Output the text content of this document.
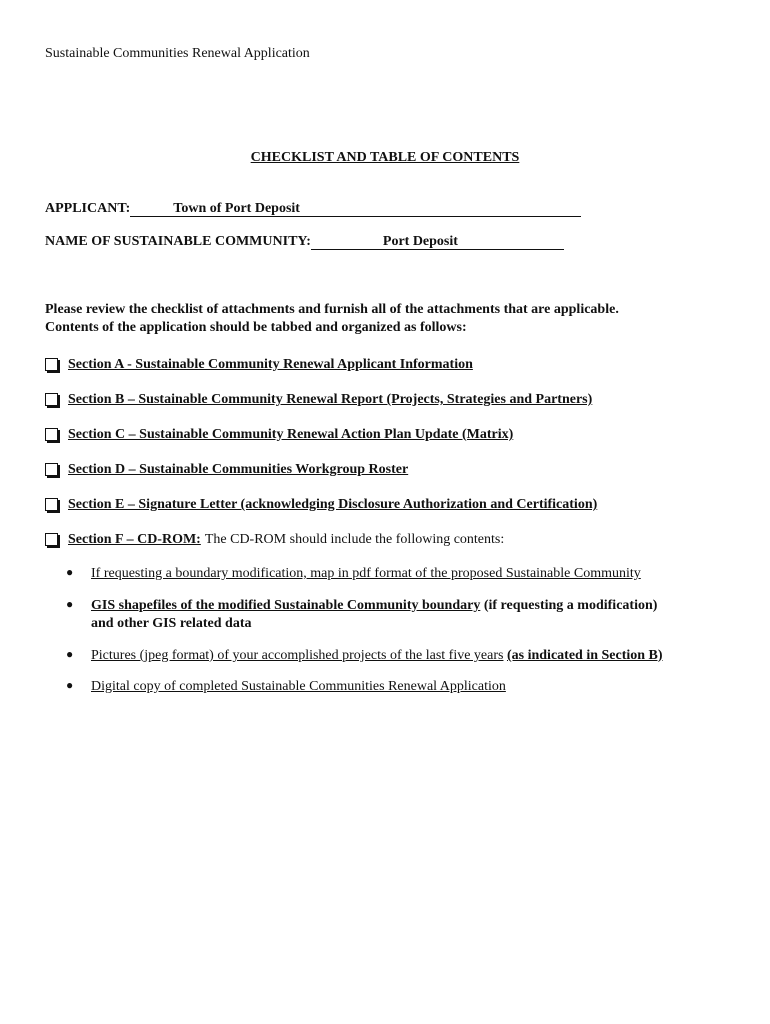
Sustainable Communities Renewal Application
CHECKLIST AND TABLE OF CONTENTS
APPLICANT:	Town of Port Deposit
NAME OF SUSTAINABLE COMMUNITY:	Port Deposit
Please review the checklist of attachments and furnish all of the attachments that are applicable.
Contents of the application should be tabbed and organized as follows:
Section A - Sustainable Community Renewal Applicant Information
Section B – Sustainable Community Renewal Report (Projects, Strategies and Partners)
Section C – Sustainable Community Renewal Action Plan Update (Matrix)
Section D – Sustainable Communities Workgroup Roster
Section E – Signature Letter (acknowledging Disclosure Authorization and Certification)
Section F – CD-ROM: The CD-ROM should include the following contents:
● If requesting a boundary modification, map in pdf format of the proposed Sustainable Community
● GIS shapefiles of the modified Sustainable Community boundary (if requesting a modification)
and other GIS related data
● Pictures (jpeg format) of your accomplished projects of the last five years (as indicated in Section B)
● Digital copy of completed Sustainable Communities Renewal Application
